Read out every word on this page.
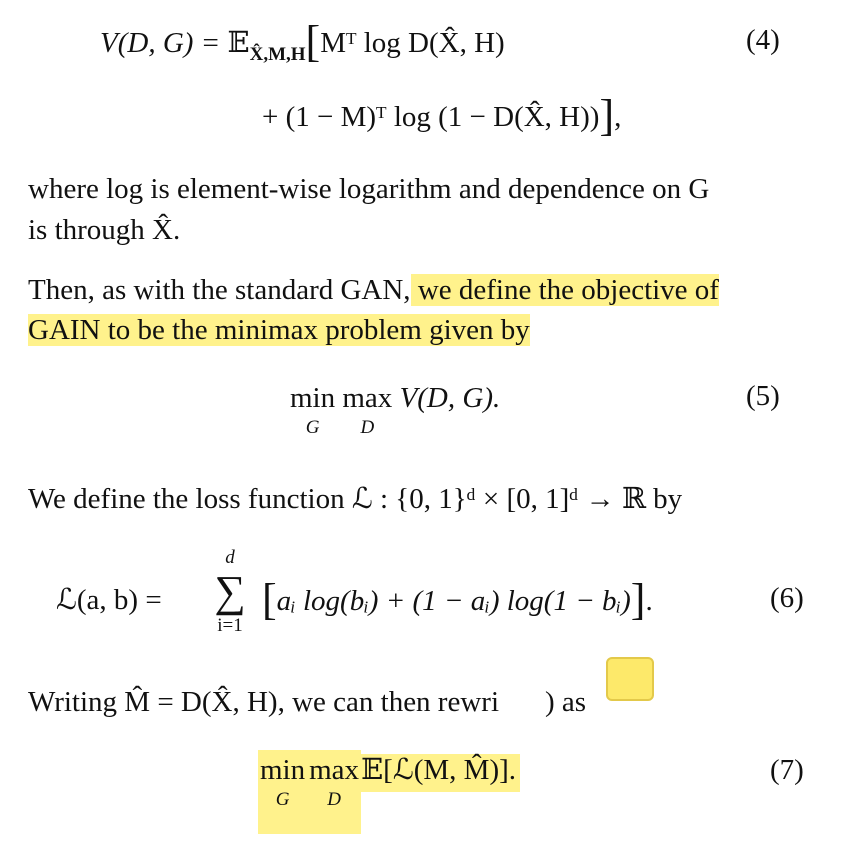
V(D, G) = 𝔼$_{X̂,M,H}$[Mᵀ log D(X̂, H)	(4)
+ (1 − M)ᵀ log (1 − D(X̂, H))],
where log is element-wise logarithm and dependence on G
is through X̂.
Then, as with the standard GAN, we define the objective of
GAIN to be the minimax problem given by
min
$^G$ max
$^D$ V(D, G).	(5)
We define the loss function ℒ : {0, 1}ᵈ × [0, 1]ᵈ → ℝ by
ℒ(a, b) =
d
∑
i=1
[aᵢ log(bᵢ) + (1 − aᵢ) log(1 − bᵢ)].	(6)
Writing M̂ = D(X̂, H), we can then rewri ) as
min
$^G$max
$^D$𝔼[ℒ(M, M̂)].	(7)
